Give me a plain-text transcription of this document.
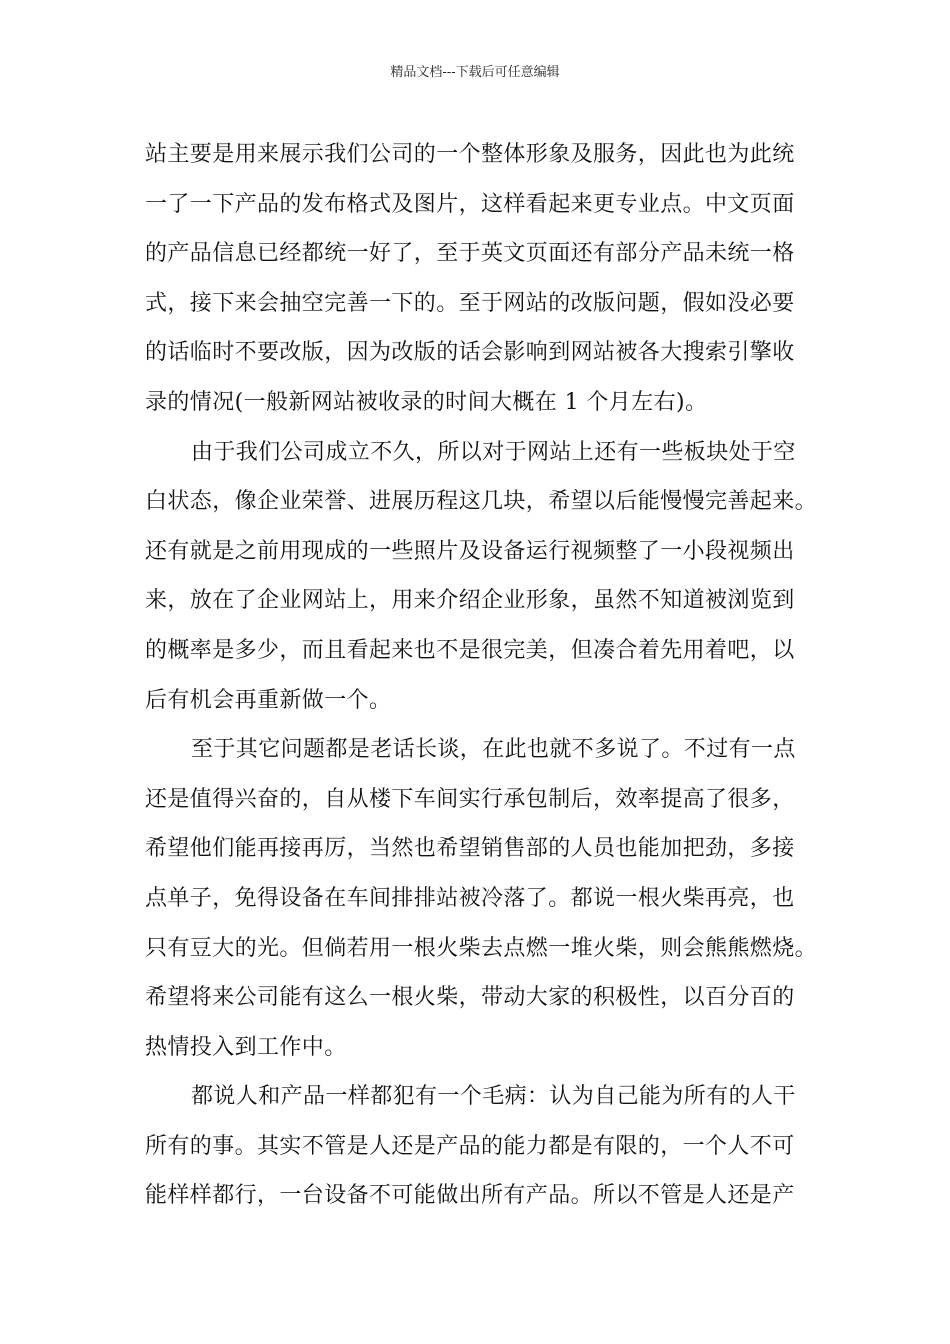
精品文档---下载后可任意编辑
站主要是用来展示我们公司的一个整体形象及服务，因此也为此统
一了一下产品的发布格式及图片，这样看起来更专业点。中文页面
的产品信息已经都统一好了，至于英文页面还有部分产品未统一格
式，接下来会抽空完善一下的。至于网站的改版问题，假如没必要
的话临时不要改版，因为改版的话会影响到网站被各大搜索引擎收
录的情况(一般新网站被收录的时间大概在 1 个月左右)。
由于我们公司成立不久，所以对于网站上还有一些板块处于空
白状态，像企业荣誉、进展历程这几块，希望以后能慢慢完善起来。
还有就是之前用现成的一些照片及设备运行视频整了一小段视频出
来，放在了企业网站上，用来介绍企业形象，虽然不知道被浏览到
的概率是多少，而且看起来也不是很完美，但凑合着先用着吧，以
后有机会再重新做一个。
至于其它问题都是老话长谈，在此也就不多说了。不过有一点
还是值得兴奋的，自从楼下车间实行承包制后，效率提高了很多，
希望他们能再接再厉，当然也希望销售部的人员也能加把劲，多接
点单子，免得设备在车间排排站被冷落了。都说一根火柴再亮，也
只有豆大的光。但倘若用一根火柴去点燃一堆火柴，则会熊熊燃烧。
希望将来公司能有这么一根火柴，带动大家的积极性，以百分百的
热情投入到工作中。
都说人和产品一样都犯有一个毛病：认为自己能为所有的人干
所有的事。其实不管是人还是产品的能力都是有限的，一个人不可
能样样都行，一台设备不可能做出所有产品。所以不管是人还是产
